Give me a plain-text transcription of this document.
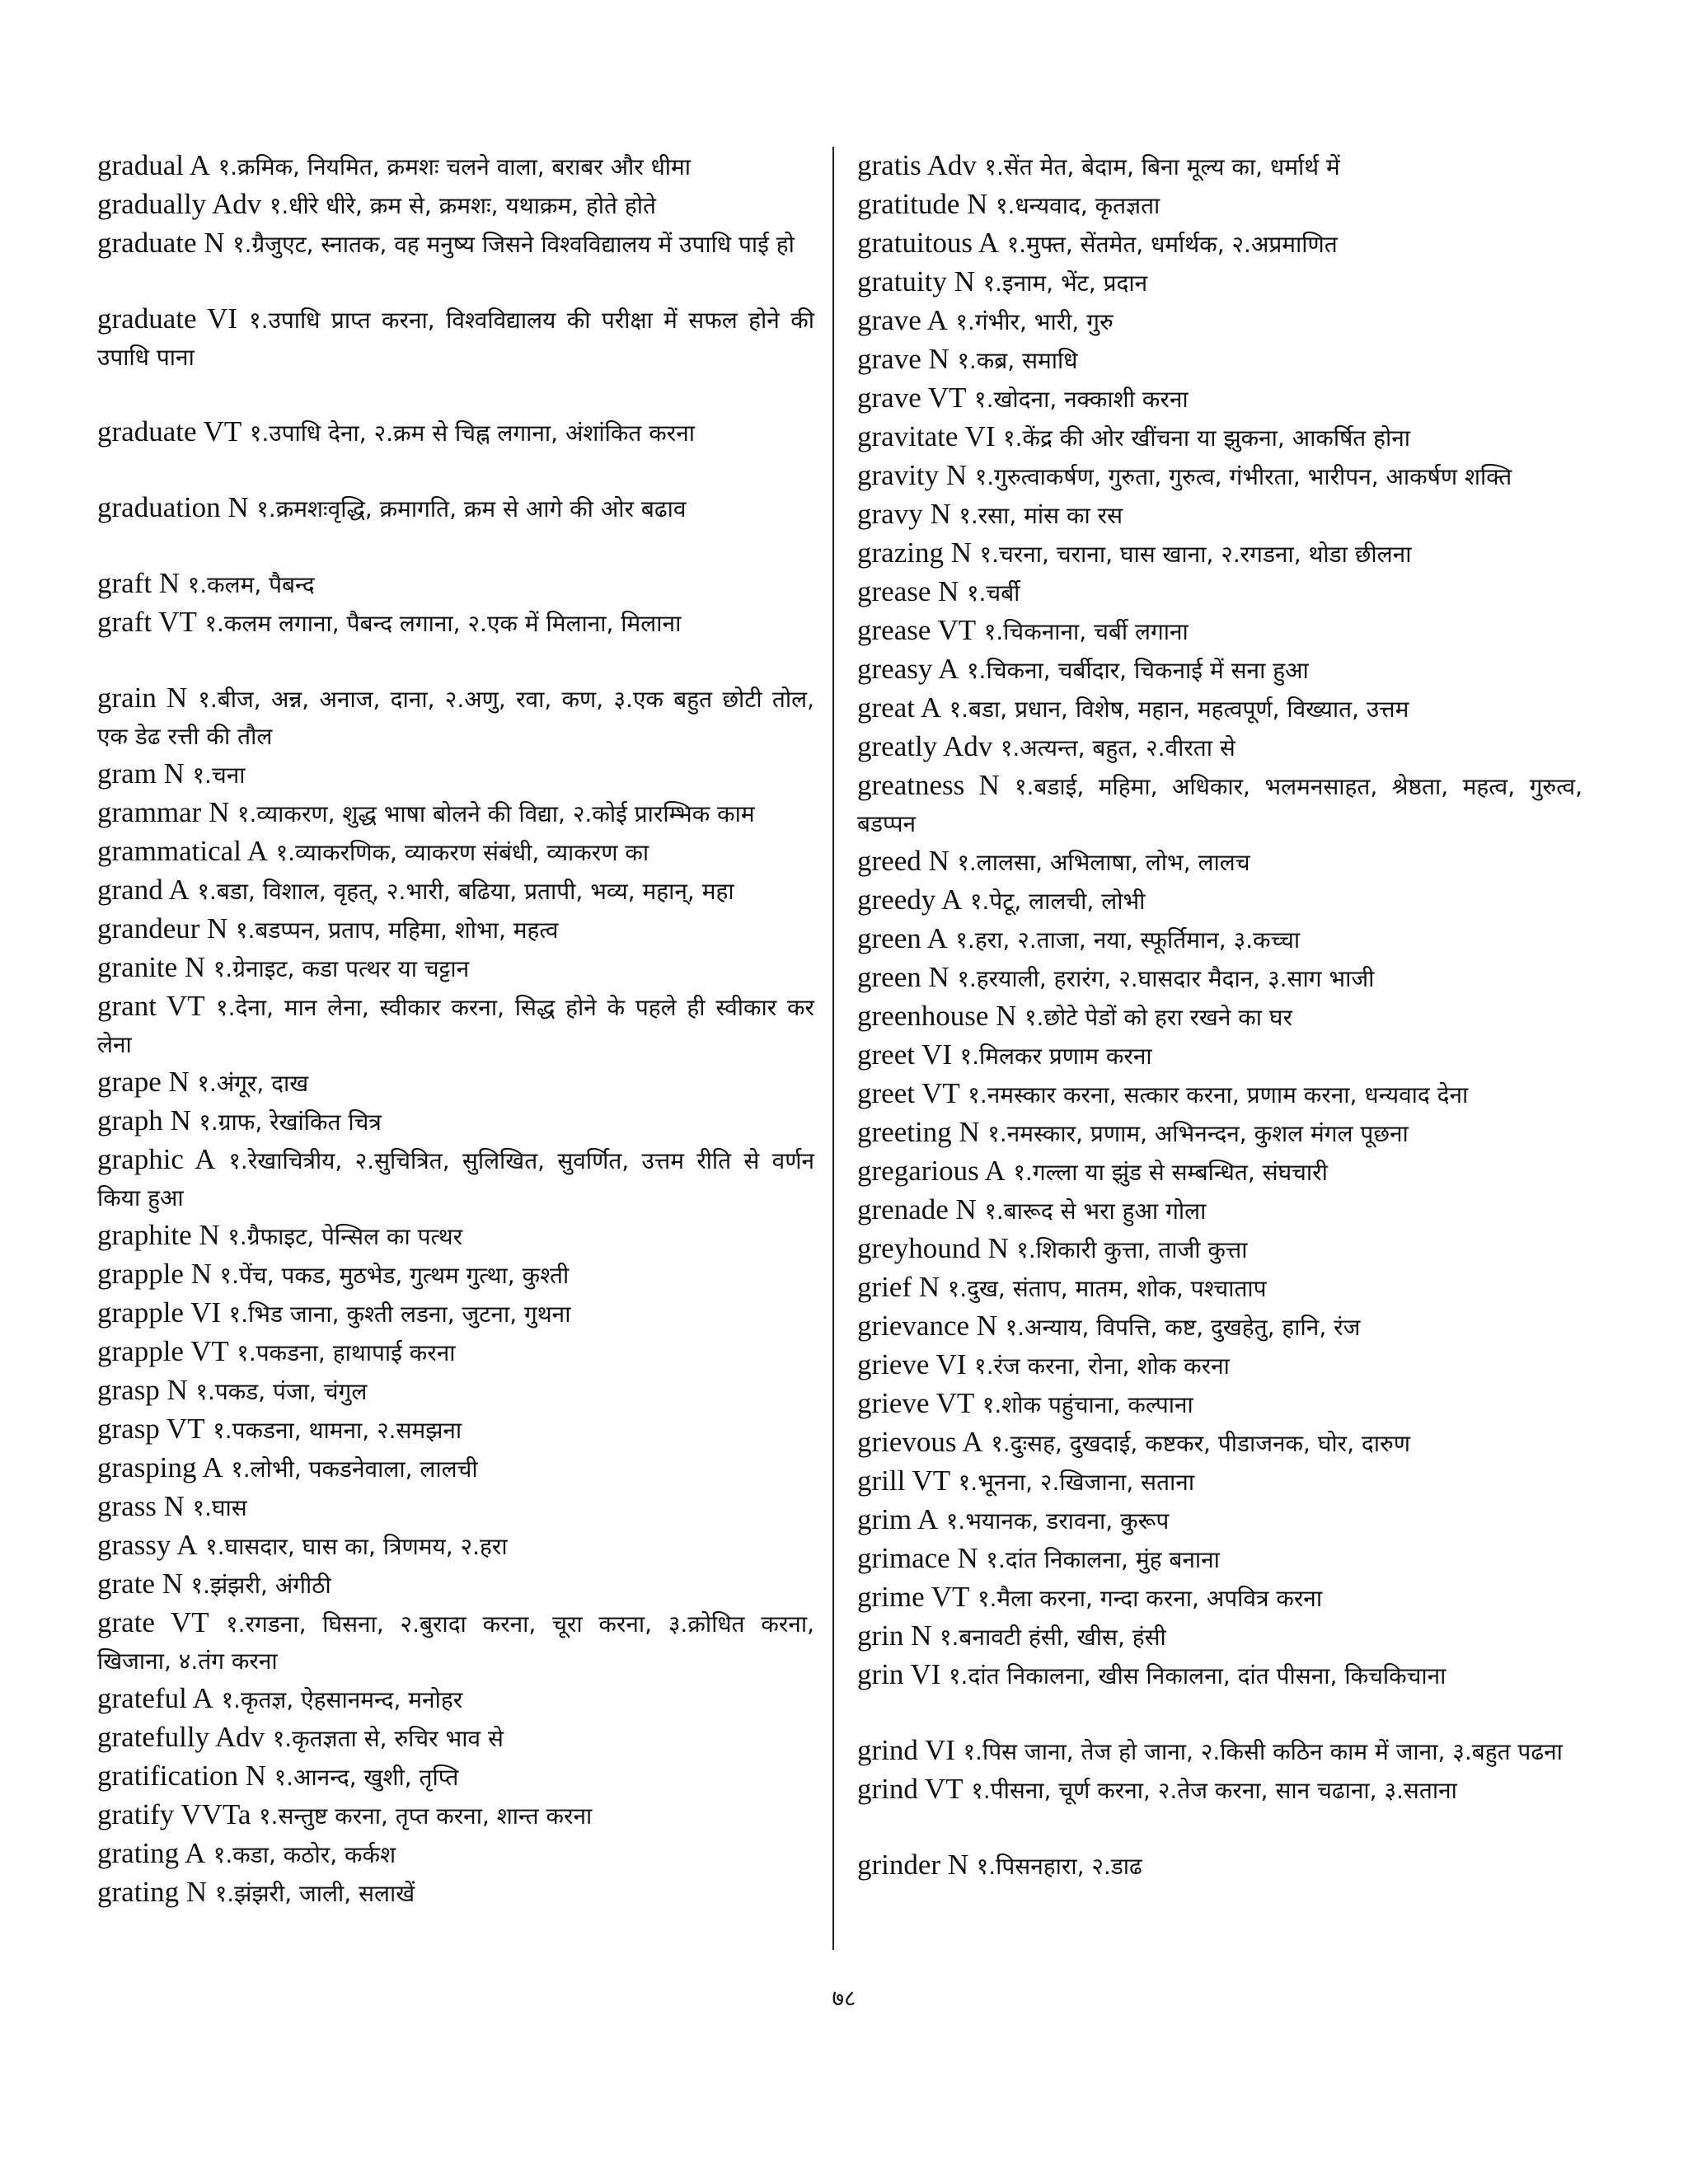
gradual A १.क्रमिक, नियमित, क्रमशः चलने वाला, बराबर और धीमा
gradually Adv १.धीरे धीरे, क्रम से, क्रमशः, यथाक्रम, होते होते
graduate N १.ग्रैजुएट, स्नातक, वह मनुष्य जिसने विश्वविद्यालय में उपाधि पाई हो
graduate VI १.उपाधि प्राप्त करना, विश्वविद्यालय की परीक्षा में सफल होने की उपाधि पाना
graduate VT १.उपाधि देना, २.क्रम से चिह्न लगाना, अंशांकित करना
graduation N १.क्रमशःवृद्धि, क्रमागति, क्रम से आगे की ओर बढाव
graft N १.कलम, पैबन्द
graft VT १.कलम लगाना, पैबन्द लगाना, २.एक में मिलाना, मिलाना
grain N १.बीज, अन्न, अनाज, दाना, २.अणु, रवा, कण, ३.एक बहुत छोटी तोल, एक डेढ रत्ती की तौल
gram N १.चना
grammar N १.व्याकरण, शुद्ध भाषा बोलने की विद्या, २.कोई प्रारम्भिक काम
grammatical A १.व्याकरणिक, व्याकरण संबंधी, व्याकरण का
grand A १.बडा, विशाल, वृहत्, २.भारी, बढिया, प्रतापी, भव्य, महान्, महा
grandeur N १.बडप्पन, प्रताप, महिमा, शोभा, महत्व
granite N १.ग्रेनाइट, कडा पत्थर या चट्टान
grant VT १.देना, मान लेना, स्वीकार करना, सिद्ध होने के पहले ही स्वीकार कर लेना
grape N १.अंगूर, दाख
graph N १.ग्राफ, रेखांकित चित्र
graphic A १.रेखाचित्रीय, २.सुचित्रित, सुलिखित, सुवर्णित, उत्तम रीति से वर्णन किया हुआ
graphite N १.ग्रैफाइट, पेन्सिल का पत्थर
grapple N १.पेंच, पकड, मुठभेड, गुत्थम गुत्था, कुश्ती
grapple VI १.भिड जाना, कुश्ती लडना, जुटना, गुथना
grapple VT १.पकडना, हाथापाई करना
grasp N १.पकड, पंजा, चंगुल
grasp VT १.पकडना, थामना, २.समझना
grasping A १.लोभी, पकडनेवाला, लालची
grass N १.घास
grassy A १.घासदार, घास का, त्रिणमय, २.हरा
grate N १.झंझरी, अंगीठी
grate VT १.रगडना, घिसना, २.बुरादा करना, चूरा करना, ३.क्रोधित करना, खिजाना, ४.तंग करना
grateful A १.कृतज्ञ, ऐहसानमन्द, मनोहर
gratefully Adv १.कृतज्ञता से, रुचिर भाव से
gratification N १.आनन्द, खुशी, तृप्ति
gratify VVTa १.सन्तुष्ट करना, तृप्त करना, शान्त करना
grating A १.कडा, कठोर, कर्कश
grating N १.झंझरी, जाली, सलाखें
gratis Adv १.सेंत मेत, बेदाम, बिना मूल्य का, धर्मार्थ में
gratitude N १.धन्यवाद, कृतज्ञता
gratuitous A १.मुफ्त, सेंतमेत, धर्मार्थक, २.अप्रमाणित
gratuity N १.इनाम, भेंट, प्रदान
grave A १.गंभीर, भारी, गुरु
grave N १.कब्र, समाधि
grave VT १.खोदना, नक्काशी करना
gravitate VI १.केंद्र की ओर खींचना या झुकना, आकर्षित होना
gravity N १.गुरुत्वाकर्षण, गुरुता, गुरुत्व, गंभीरता, भारीपन, आकर्षण शक्ति
gravy N १.रसा, मांस का रस
grazing N १.चरना, चराना, घास खाना, २.रगडना, थोडा छीलना
grease N १.चर्बी
grease VT १.चिकनाना, चर्बी लगाना
greasy A १.चिकना, चर्बीदार, चिकनाई में सना हुआ
great A १.बडा, प्रधान, विशेष, महान, महत्वपूर्ण, विख्यात, उत्तम
greatly Adv १.अत्यन्त, बहुत, २.वीरता से
greatness N १.बडाई, महिमा, अधिकार, भलमनसाहत, श्रेष्ठता, महत्व, गुरुत्व, बडप्पन
greed N १.लालसा, अभिलाषा, लोभ, लालच
greedy A १.पेटू, लालची, लोभी
green A १.हरा, २.ताजा, नया, स्फूर्तिमान, ३.कच्चा
green N १.हरयाली, हरारंग, २.घासदार मैदान, ३.साग भाजी
greenhouse N १.छोटे पेडों को हरा रखने का घर
greet VI १.मिलकर प्रणाम करना
greet VT १.नमस्कार करना, सत्कार करना, प्रणाम करना, धन्यवाद देना
greeting N १.नमस्कार, प्रणाम, अभिनन्दन, कुशल मंगल पूछना
gregarious A १.गल्ला या झुंड से सम्बन्धित, संघचारी
grenade N १.बारूद से भरा हुआ गोला
greyhound N १.शिकारी कुत्ता, ताजी कुत्ता
grief N १.दुख, संताप, मातम, शोक, पश्चाताप
grievance N १.अन्याय, विपत्ति, कष्ट, दुखहेतु, हानि, रंज
grieve VI १.रंज करना, रोना, शोक करना
grieve VT १.शोक पहुंचाना, कल्पाना
grievous A १.दुःसह, दुखदाई, कष्टकर, पीडाजनक, घोर, दारुण
grill VT १.भूनना, २.खिजाना, सताना
grim A १.भयानक, डरावना, कुरूप
grimace N १.दांत निकालना, मुंह बनाना
grime VT १.मैला करना, गन्दा करना, अपवित्र करना
grin N १.बनावटी हंसी, खीस, हंसी
grin VI १.दांत निकालना, खीस निकालना, दांत पीसना, किचकिचाना
grind VI १.पिस जाना, तेज हो जाना, २.किसी कठिन काम में जाना, ३.बहुत पढना
grind VT १.पीसना, चूर्ण करना, २.तेज करना, सान चढाना, ३.सताना
grinder N १.पिसनहारा, २.डाढ
७८
